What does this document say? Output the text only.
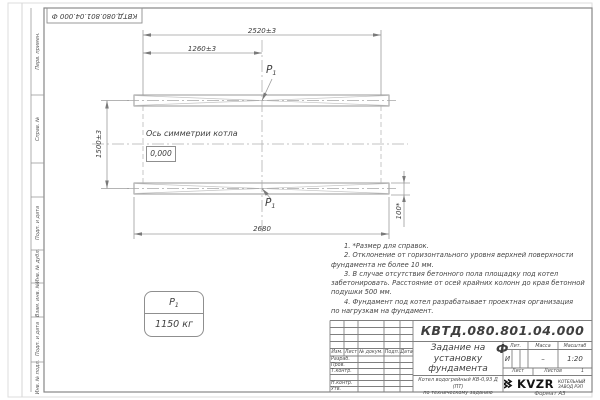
КВТД.080.801.04.000 Ф
Перв. примен.
Справ. №
Подп. и дата
Инв. № дубл.
Взам. инв. №
Подп. и дата
Инв. № подл.
2520±3
1260±3
2680
1500±3
100*
$P_1$
$P_1$
Ось симметрии котла
0,000
$P_1$
1150 кг
1. *Размер для справок.
2. Отклонение от горизонтального уровня верхней поверхности
фундамента не более 10 мм.
3. В случае отсутствия бетонного пола площадку под котел
забетонировать. Расстояние от осей крайних колонн до края бетонной
подушки 500 мм.
4. Фундамент под котел разрабатывает проектная организация
по нагрузкам на фундамент.
КВТД.080.801.04.000 Ф
Задание на
установку
фундамента
Котел водогрейный КВ-0,93 Д (ПТ)
по техническому заданию
Изм. Лист № докум. Подп. Дата
Разраб.
Пров.
Т.контр.
Н.контр.
Утв.
Лит.	Масса	Масштаб
И	–	1:20
Лист	Листов	1
KVZR КОТЕЛЬНЫЙ
ЗАВОД РЭП
Формат А3
